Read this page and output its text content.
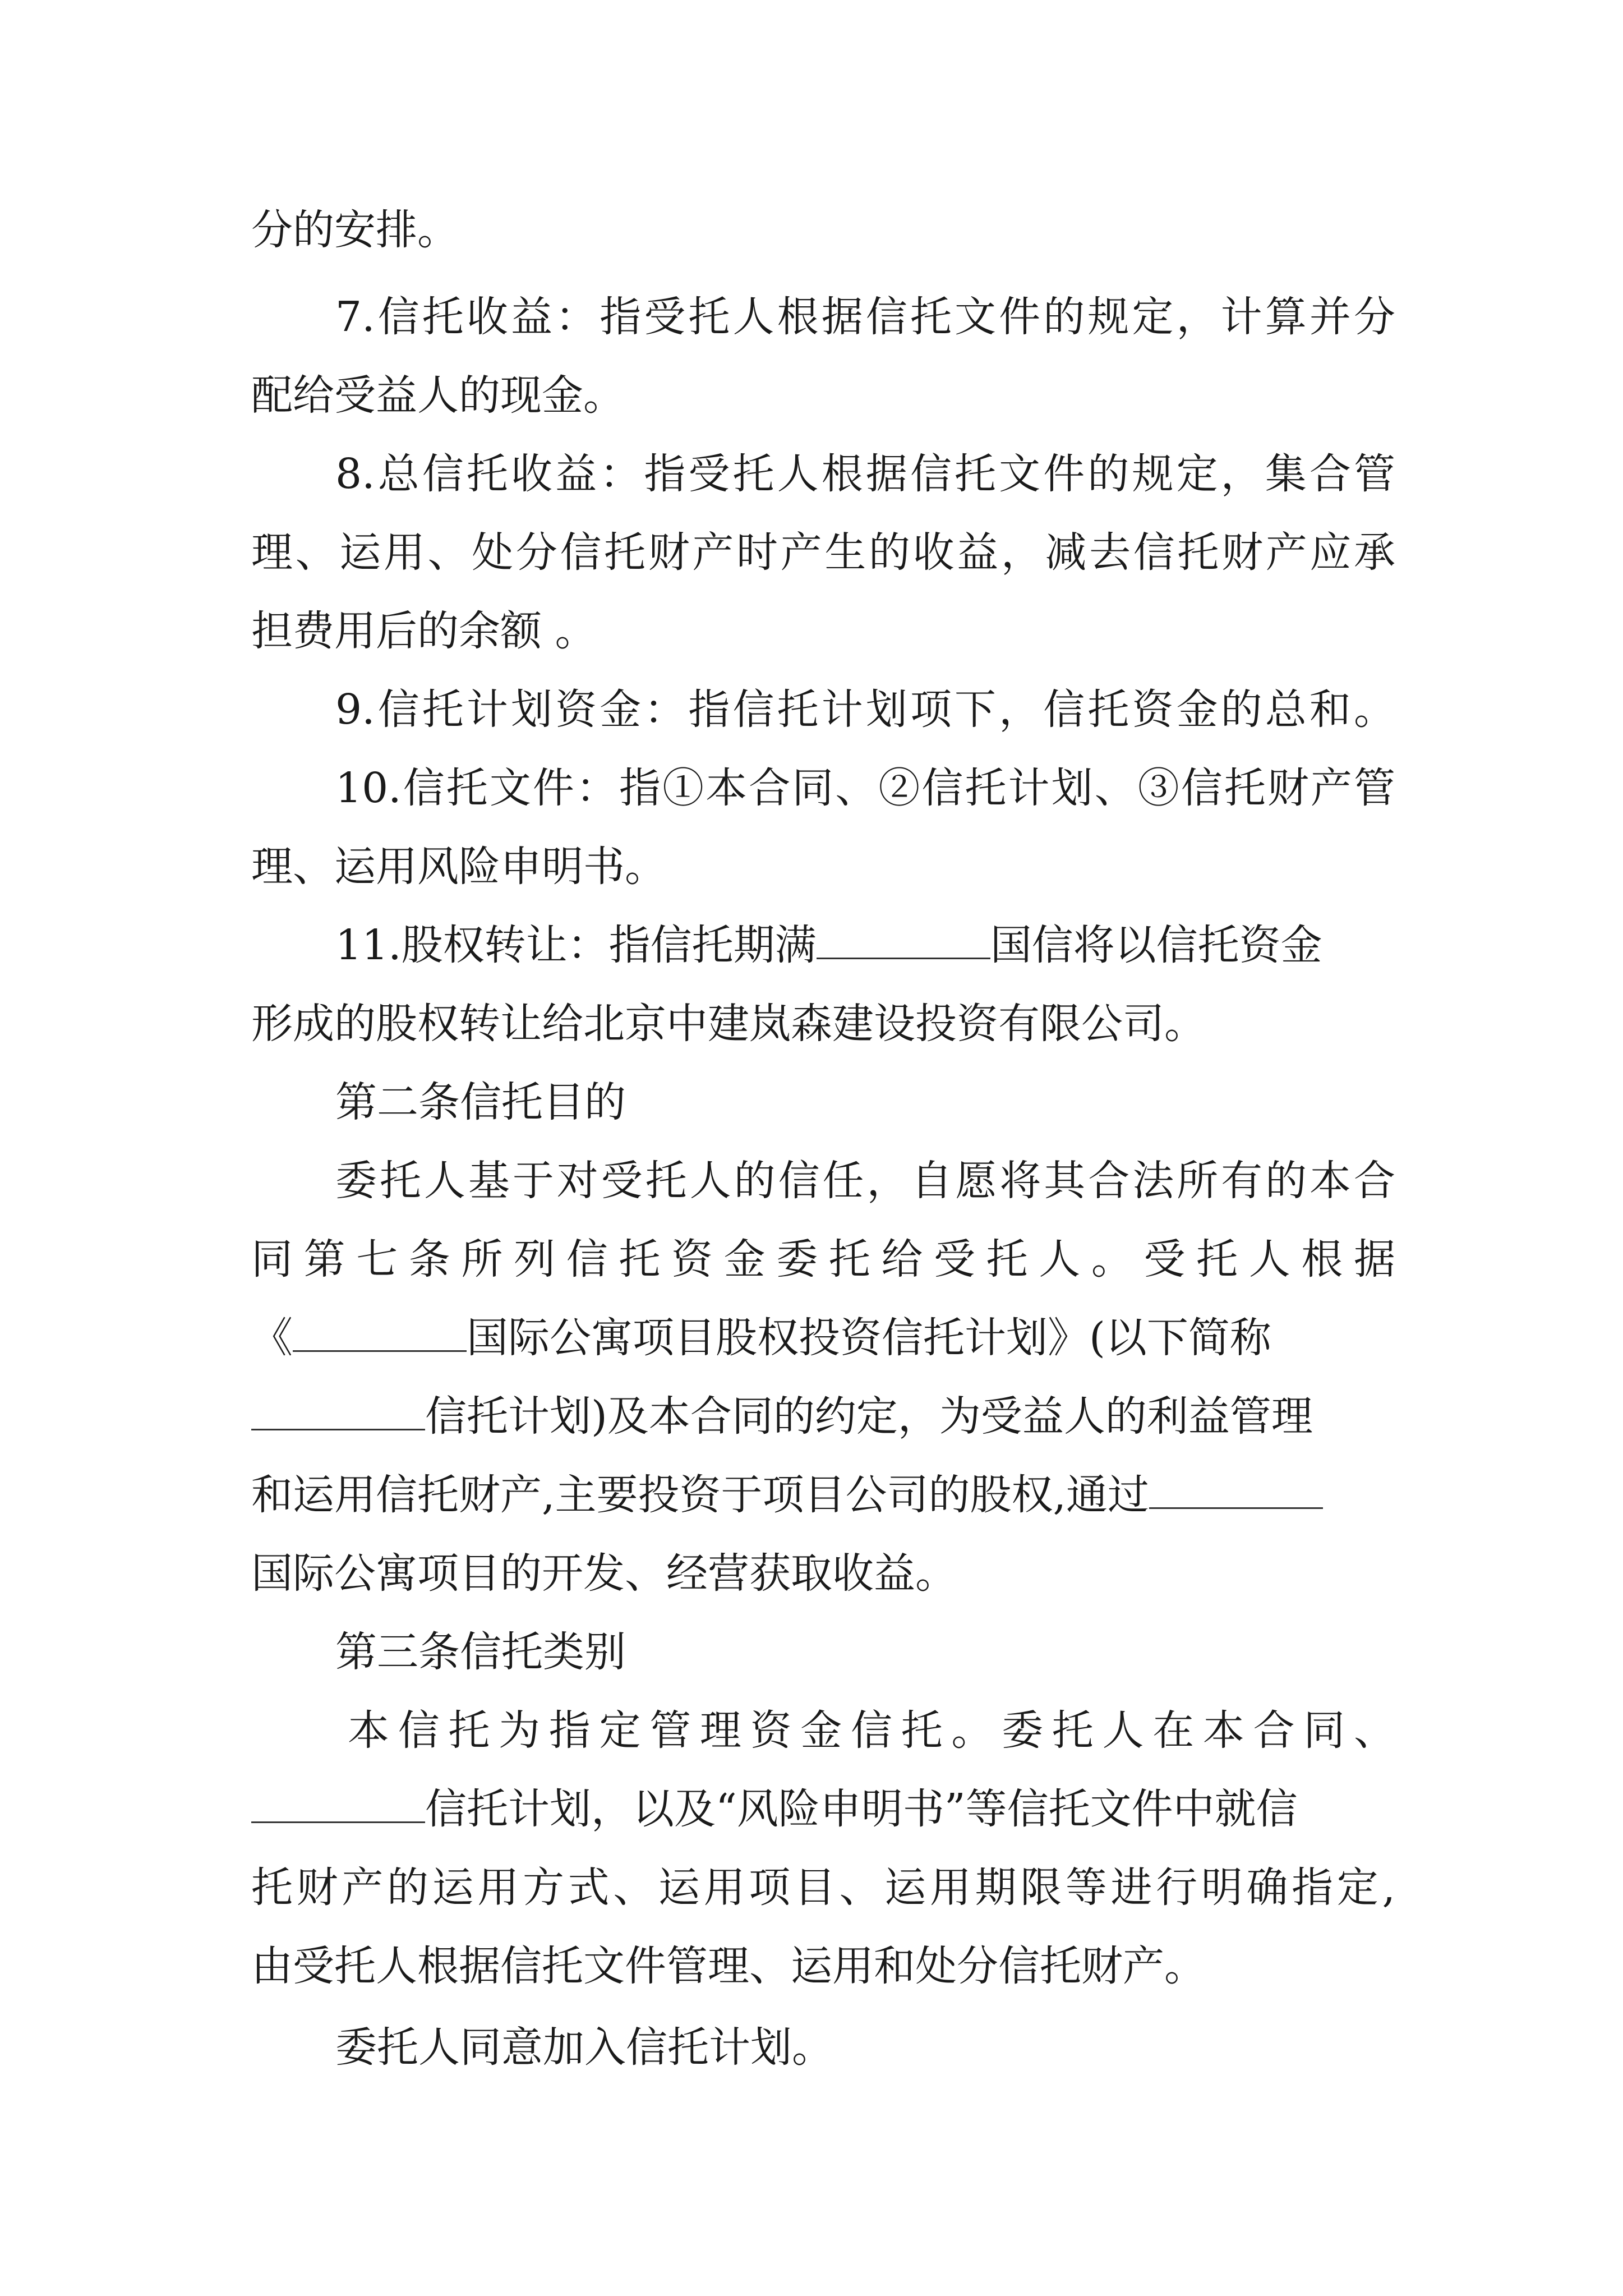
分的安排。
7.信托收益：指受托人根据信托文件的规定，计算并分
配给受益人的现金。
8.总信托收益：指受托人根据信托文件的规定，集合管
理、运用、处分信托财产时产生的收益，减去信托财产应承
担费用后的余额 。
9.信托计划资金：指信托计划项下，信托资金的总和。
10.信托文件：指①本合同、②信托计划、③信托财产管
理、运用风险申明书。
11.股权转让：指信托期满	国信将以信托资金
形成的股权转让给北京中建岚森建设投资有限公司。
第二条信托目的
委托人基于对受托人的信任，自愿将其合法所有的本合
同第七条所列信托资金委托给受托人。受托人根据
《	国际公寓项目股权投资信托计划》(以下简称
信托计划)及本合同的约定，为受益人的利益管理
和运用信托财产,主要投资于项目公司的股权,通过
国际公寓项目的开发、经营获取收益。
第三条信托类别
本信托为指定管理资金信托。委托人在本合同、
信托计划，以及“风险申明书”等信托文件中就信
托财产的运用方式、运用项目、运用期限等进行明确指定,
由受托人根据信托文件管理、运用和处分信托财产。
委托人同意加入信托计划。
